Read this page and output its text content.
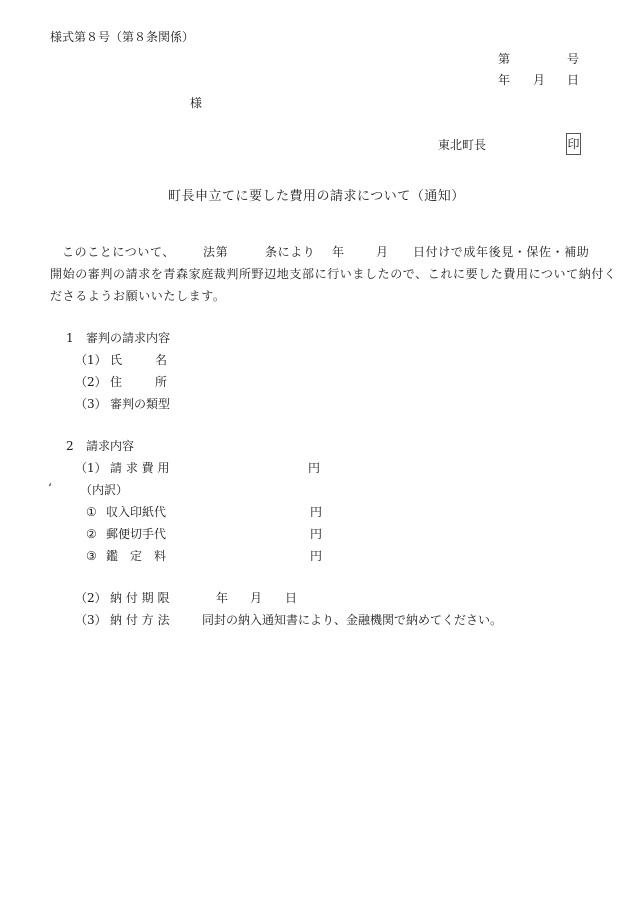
様式第８号（第８条関係）
第	号
年 月 日
様
東北町長	印
町長申立てに要した費用の請求について（通知）
このことについて、 法第	条により 年	月 日付けで成年後見・保佐・補助
開始の審判の請求を青森家庭裁判所野辺地支部に行いましたので、これに要した費用について納付く
ださるようお願いいたします。
1 審判の請求内容
（1） 氏	名
（2） 住	所
（3） 審判の類型
2 請求内容
（1） 請 求 費 用	円
‘ （内訳）
① 収入印紙代	円
② 郵便切手代	円
③ 鑑　定　料	円
（2） 納 付 期 限	年 月 日
（3） 納 付 方 法	同封の納入通知書により、金融機関で納めてください。
